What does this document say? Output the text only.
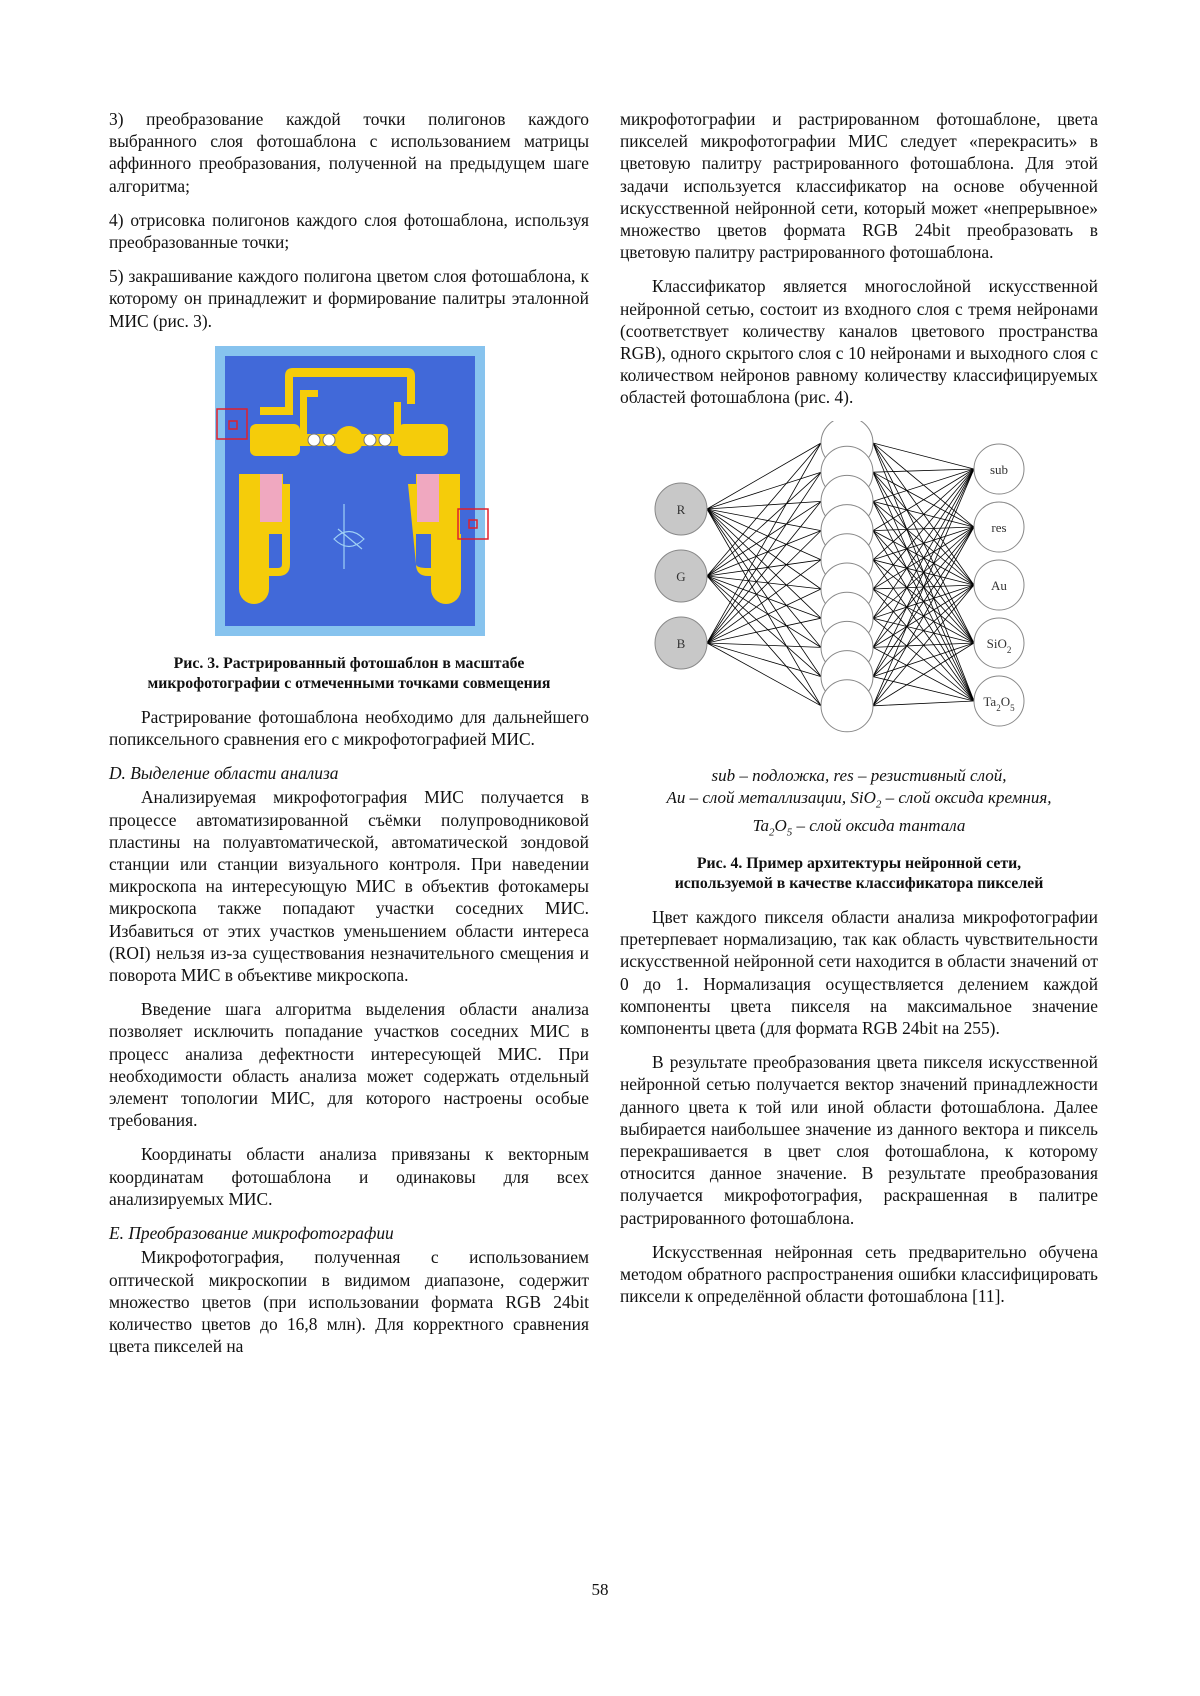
3) преобразование каждой точки полигонов каждого выбранного слоя фотошаблона с использованием матрицы аффинного преобразования, полученной на предыдущем шаге алгоритма;

4) отрисовка полигонов каждого слоя фотошаблона, используя преобразованные точки;

5) закрашивание каждого полигона цветом слоя фотошаблона, к которому он принадлежит и формирование палитры эталонной МИС (рис. 3).

Рис. 3. Растрированный фотошаблон в масштабе
микрофотографии с отмеченными точками совмещения

Растрирование фотошаблона необходимо для дальнейшего попиксельного сравнения его с микрофотографией МИС.

D. Выделение области анализа

Анализируемая микрофотография МИС получается в процессе автоматизированной съёмки полупроводниковой пластины на полуавтоматической, автоматической зондовой станции или станции визуального контроля. При наведении микроскопа на интересующую МИС в объектив фотокамеры микроскопа также попадают участки соседних МИС. Избавиться от этих участков уменьшением области интереса (ROI) нельзя из-за существования незначительного смещения и поворота МИС в объективе микроскопа.

Введение шага алгоритма выделения области анализа позволяет исключить попадание участков соседних МИС в процесс анализа дефектности интересующей МИС. При необходимости область анализа может содержать отдельный элемент топологии МИС, для которого настроены особые требования.

Координаты области анализа привязаны к векторным координатам фотошаблона и одинаковы для всех анализируемых МИС.

E. Преобразование микрофотографии

Микрофотография, полученная с использованием оптической микроскопии в видимом диапазоне, содержит множество цветов (при использовании формата RGB 24bit количество цветов до 16,8 млн). Для корректного сравнения цвета пикселей на

микрофотографии и растрированном фотошаблоне, цвета пикселей микрофотографии МИС следует «перекрасить» в цветовую палитру растрированного фотошаблона. Для этой задачи используется классификатор на основе обученной искусственной нейронной сети, который может «непрерывное» множество цветов формата RGB 24bit преобразовать в цветовую палитру растрированного фотошаблона.

Классификатор является многослойной искусственной нейронной сетью, состоит из входного слоя с тремя нейронами (соответствует количеству каналов цветового пространства RGB), одного скрытого слоя с 10 нейронами и выходного слоя с количеством нейронов равному количеству классифицируемых областей фотошаблона (рис. 4).

R
G
B
sub
res
Au
SiO$_2$
$Ta_2O_5$
sub – подложка, res – резистивный слой,
Au – слой металлизации, SiO$_2$ – слой оксида кремния,
$Ta_2O_5$ – слой оксида тантала
Рис. 4. Пример архитектуры нейронной сети,
используемой в качестве классификатора пикселей

Цвет каждого пикселя области анализа микрофотографии претерпевает нормализацию, так как область чувствительности искусственной нейронной сети находится в области значений от 0 до 1. Нормализация осуществляется делением каждой компоненты цвета пикселя на максимальное значение компоненты цвета (для формата RGB 24bit на 255).

В результате преобразования цвета пикселя искусственной нейронной сетью получается вектор значений принадлежности данного цвета к той или иной области фотошаблона. Далее выбирается наибольшее значение из данного вектора и пиксель перекрашивается в цвет слоя фотошаблона, к которому относится данное значение. В результате преобразования получается микрофотография, раскрашенная в палитре растрированного фотошаблона.

Искусственная нейронная сеть предварительно обучена методом обратного распространения ошибки классифицировать пиксели к определённой области фотошаблона [11].

58
